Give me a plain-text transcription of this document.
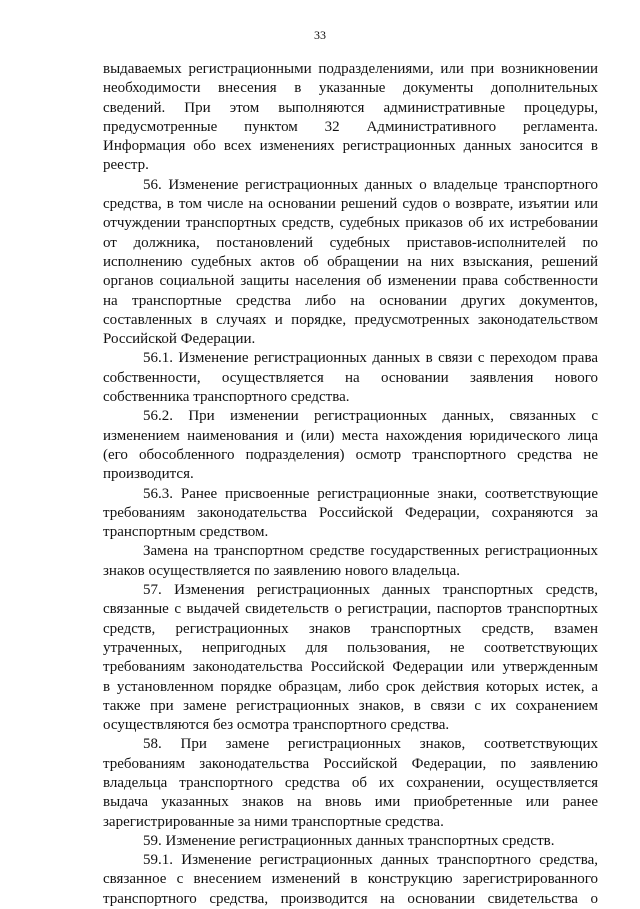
33

выдаваемых регистрационными подразделениями, или при возникновении
необходимости внесения в указанные документы дополнительных
сведений. При этом выполняются административные процедуры,
предусмотренные пунктом 32 Административного регламента.
Информация обо всех изменениях регистрационных данных заносится в
реестр.

56. Изменение регистрационных данных о владельце транспортного
средства, в том числе на основании решений судов о возврате, изъятии или
отчуждении транспортных средств, судебных приказов об их истребовании
от должника, постановлений судебных приставов-исполнителей по
исполнению судебных актов об обращении на них взыскания, решений
органов социальной защиты населения об изменении права собственности
на транспортные средства либо на основании других документов,
составленных в случаях и порядке, предусмотренных законодательством
Российской Федерации.

56.1. Изменение регистрационных данных в связи с переходом права
собственности, осуществляется на основании заявления нового
собственника транспортного средства.

56.2. При изменении регистрационных данных, связанных с
изменением наименования и (или) места нахождения юридического лица
(его обособленного подразделения) осмотр транспортного средства не
производится.

56.3. Ранее присвоенные регистрационные знаки, соответствующие
требованиям законодательства Российской Федерации, сохраняются за
транспортным средством.

Замена на транспортном средстве государственных регистрационных
знаков осуществляется по заявлению нового владельца.

57. Изменения регистрационных данных транспортных средств,
связанные с выдачей свидетельств о регистрации, паспортов транспортных
средств, регистрационных знаков транспортных средств, взамен
утраченных, непригодных для пользования, не соответствующих
требованиям законодательства Российской Федерации или утвержденным
в установленном порядке образцам, либо срок действия которых истек, а
также при замене регистрационных знаков, в связи с их сохранением
осуществляются без осмотра транспортного средства.

58. При замене регистрационных знаков, соответствующих
требованиям законодательства Российской Федерации, по заявлению
владельца транспортного средства об их сохранении, осуществляется
выдача указанных знаков на вновь ими приобретенные или ранее
зарегистрированные за ними транспортные средства.

59. Изменение регистрационных данных транспортных средств.

59.1. Изменение регистрационных данных транспортного средства,
связанное с внесением изменений в конструкцию зарегистрированного
транспортного средства, производится на основании свидетельства о
